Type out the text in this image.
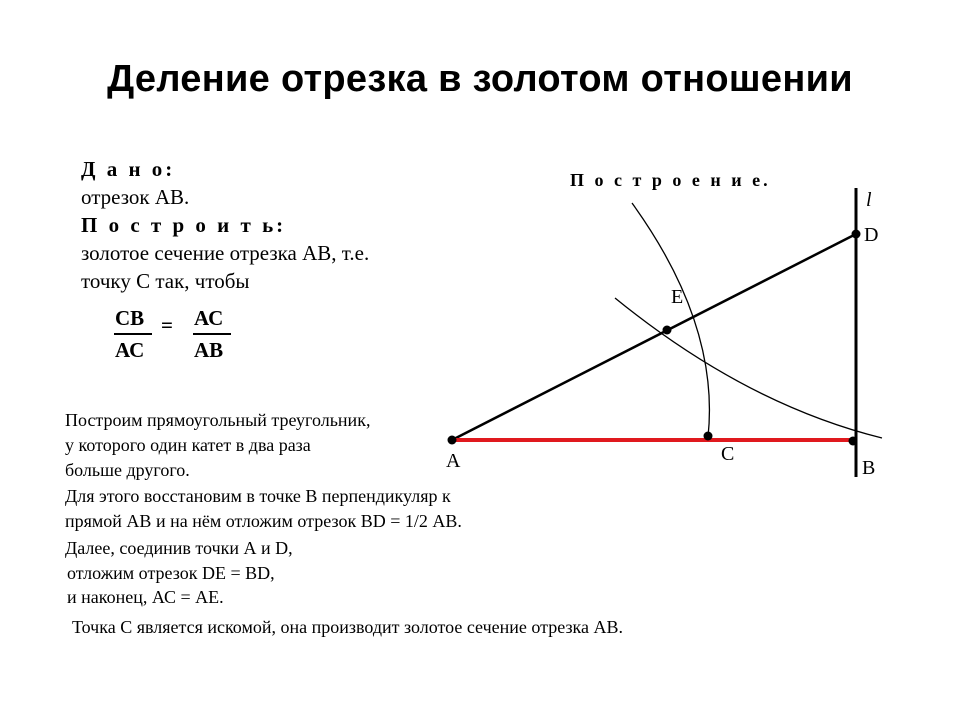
Деление отрезка в золотом отношении
Д а н о:
отрезок АВ.
П о с т р о и т ь:
золотое сечение отрезка АВ, т.е.
точку С так, чтобы
СВ
АС
= АС
АВ
П о с т р о е н и е.
Построим прямоугольный треугольник,
у которого один катет в два раза
больше другого.
Для этого восстановим в точке В перпендикуляр к
прямой АВ и на нём отложим отрезок ВD = 1/2 АВ.
Далее, соединив точки А и D,
отложим отрезок DЕ = ВD,
и наконец, АС = АЕ.
Точка С является искомой, она производит золотое сечение отрезка АВ.
A	B
C
D
E
l
